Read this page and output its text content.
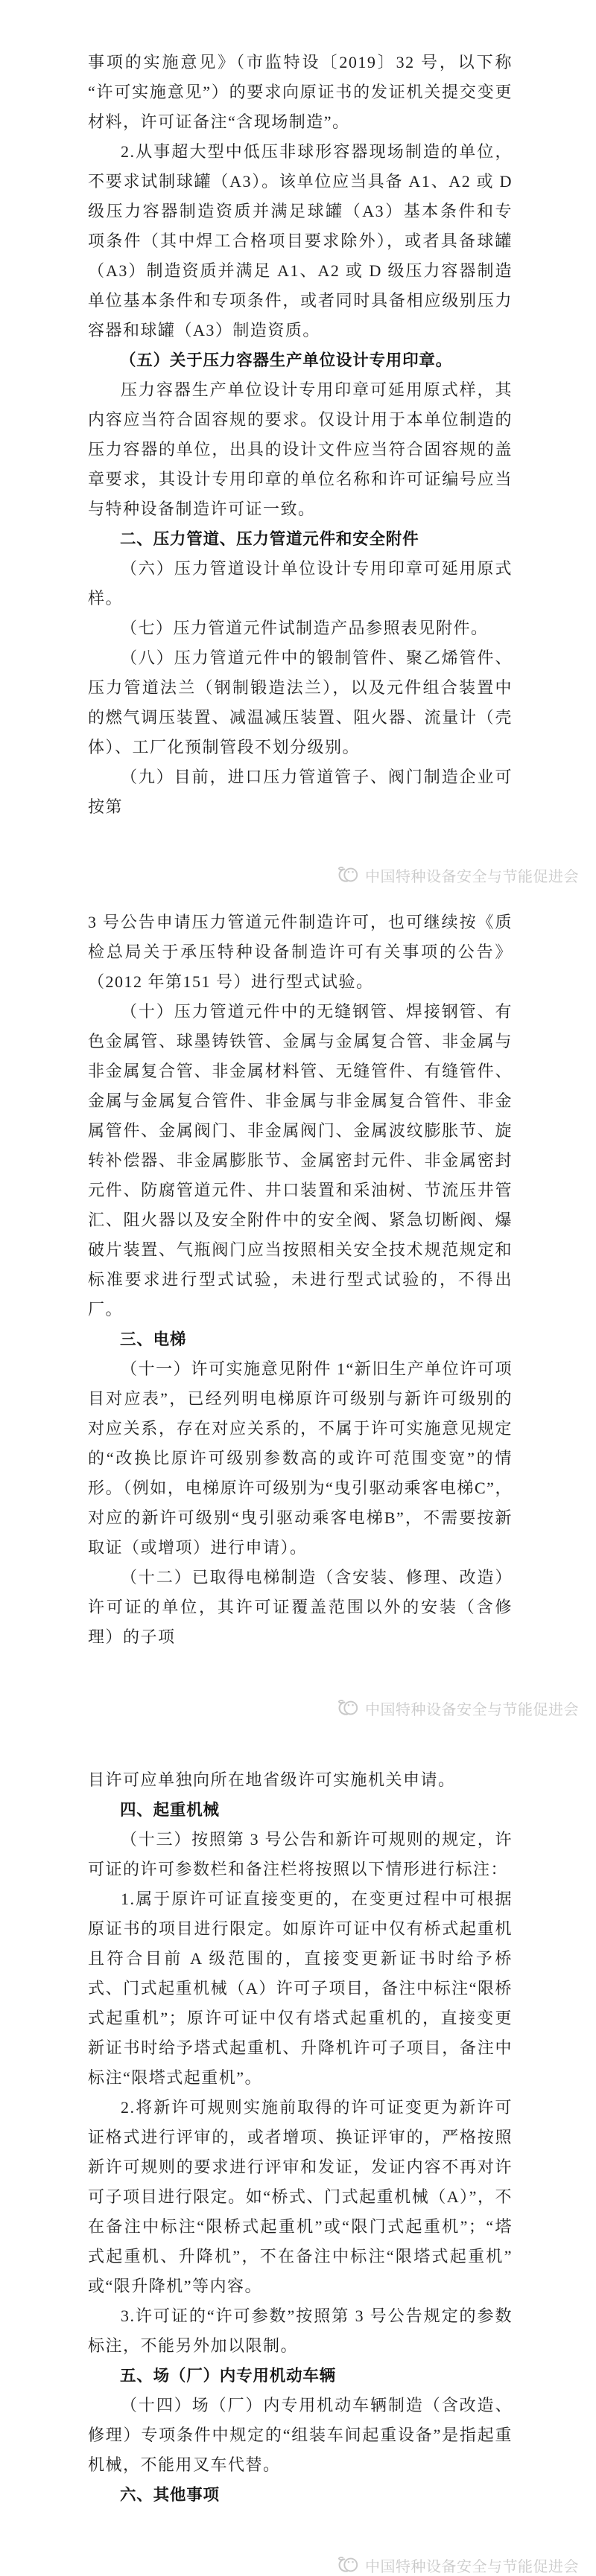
事项的实施意见》（市监特设〔2019〕32 号，以下称“许可实施意见”）的要求向原证书的发证机关提交变更材料，许可证备注“含现场制造”。

2.从事超大型中低压非球形容器现场制造的单位，不要求试制球罐（A3）。该单位应当具备 A1、A2 或 D 级压力容器制造资质并满足球罐（A3）基本条件和专项条件（其中焊工合格项目要求除外），或者具备球罐（A3）制造资质并满足 A1、A2 或 D 级压力容器制造单位基本条件和专项条件，或者同时具备相应级别压力容器和球罐（A3）制造资质。

（五）关于压力容器生产单位设计专用印章。

压力容器生产单位设计专用印章可延用原式样，其内容应当符合固容规的要求。仅设计用于本单位制造的压力容器的单位，出具的设计文件应当符合固容规的盖章要求，其设计专用印章的单位名称和许可证编号应当与特种设备制造许可证一致。

二、压力管道、压力管道元件和安全附件

（六）压力管道设计单位设计专用印章可延用原式样。

（七）压力管道元件试制造产品参照表见附件。

（八）压力管道元件中的锻制管件、聚乙烯管件、压力管道法兰（钢制锻造法兰），以及元件组合装置中的燃气调压装置、减温减压装置、阻火器、流量计（壳体）、工厂化预制管段不划分级别。

（九）目前，进口压力管道管子、阀门制造企业可按第

中国特种设备安全与节能促进会

3 号公告申请压力管道元件制造许可，也可继续按《质检总局关于承压特种设备制造许可有关事项的公告》（2012 年第151 号）进行型式试验。

（十）压力管道元件中的无缝钢管、焊接钢管、有色金属管、球墨铸铁管、金属与金属复合管、非金属与非金属复合管、非金属材料管、无缝管件、有缝管件、金属与金属复合管件、非金属与非金属复合管件、非金属管件、金属阀门、非金属阀门、金属波纹膨胀节、旋转补偿器、非金属膨胀节、金属密封元件、非金属密封元件、防腐管道元件、井口装置和采油树、节流压井管汇、阻火器以及安全附件中的安全阀、紧急切断阀、爆破片装置、气瓶阀门应当按照相关安全技术规范规定和标准要求进行型式试验，未进行型式试验的，不得出厂。

三、电梯

（十一）许可实施意见附件 1“新旧生产单位许可项目对应表”，已经列明电梯原许可级别与新许可级别的对应关系，存在对应关系的，不属于许可实施意见规定的“改换比原许可级别参数高的或许可范围变宽”的情形。（例如，电梯原许可级别为“曳引驱动乘客电梯C”，对应的新许可级别“曳引驱动乘客电梯B”，不需要按新取证（或增项）进行申请）。

（十二）已取得电梯制造（含安装、修理、改造）许可证的单位，其许可证覆盖范围以外的安装（含修理）的子项

中国特种设备安全与节能促进会

目许可应单独向所在地省级许可实施机关申请。

四、起重机械

（十三）按照第 3 号公告和新许可规则的规定，许可证的许可参数栏和备注栏将按照以下情形进行标注：

1.属于原许可证直接变更的，在变更过程中可根据原证书的项目进行限定。如原许可证中仅有桥式起重机且符合目前 A 级范围的，直接变更新证书时给予桥式、门式起重机械（A）许可子项目，备注中标注“限桥式起重机”；原许可证中仅有塔式起重机的，直接变更新证书时给予塔式起重机、升降机许可子项目，备注中标注“限塔式起重机”。

2.将新许可规则实施前取得的许可证变更为新许可证格式进行评审的，或者增项、换证评审的，严格按照新许可规则的要求进行评审和发证，发证内容不再对许可子项目进行限定。如“桥式、门式起重机械（A）”，不在备注中标注“限桥式起重机”或“限门式起重机”；“塔式起重机、升降机”，不在备注中标注“限塔式起重机”或“限升降机”等内容。

3.许可证的“许可参数”按照第 3 号公告规定的参数标注，不能另外加以限制。

五、场（厂）内专用机动车辆

（十四）场（厂）内专用机动车辆制造（含改造、修理）专项条件中规定的“组装车间起重设备”是指起重机械，不能用叉车代替。

六、其他事项
中国特种设备安全与节能促进会
